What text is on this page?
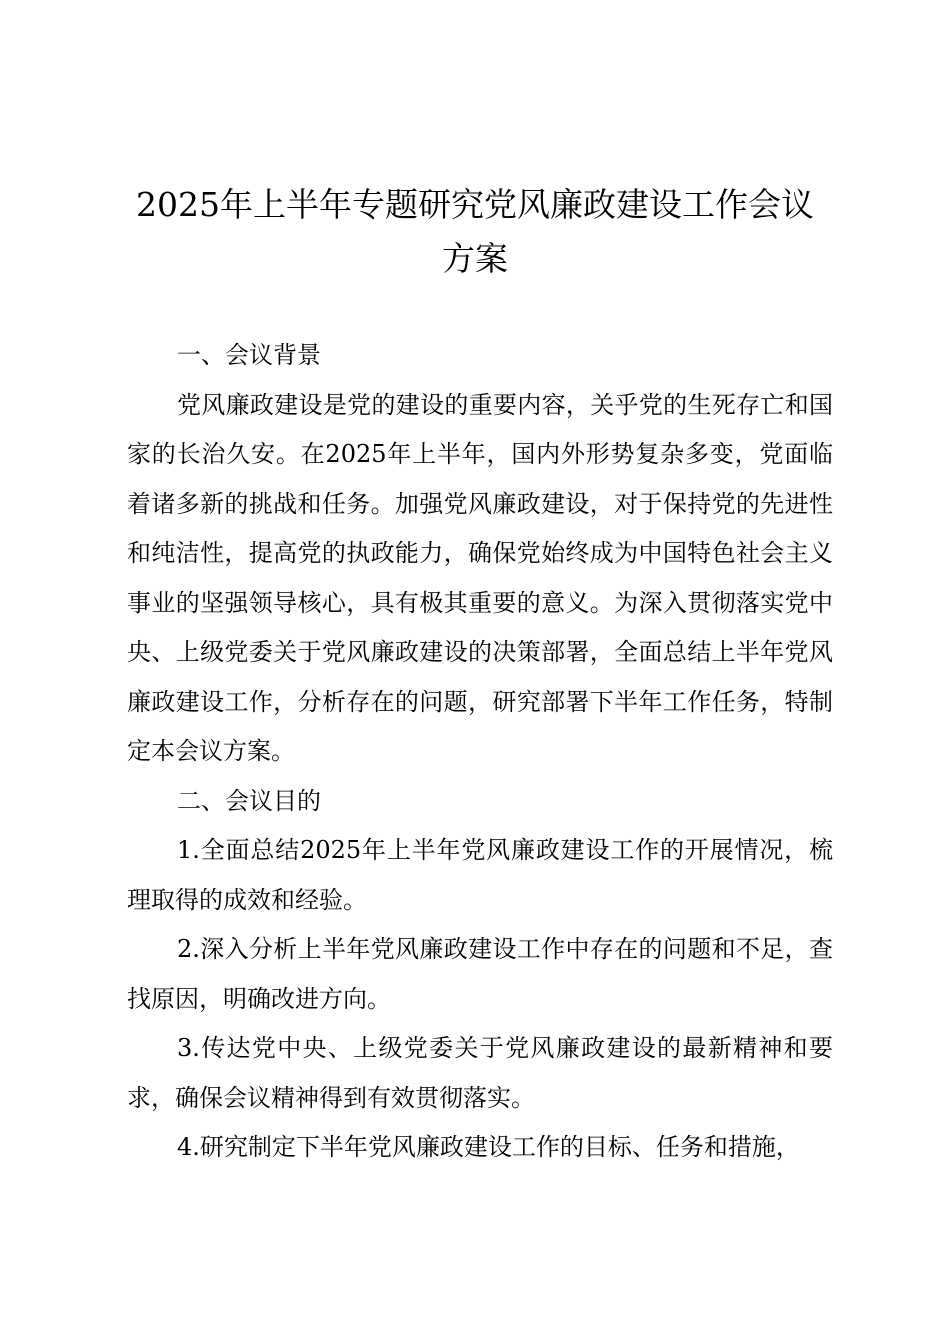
2025年上半年专题研究党风廉政建设工作会议方案

一、会议背景

党风廉政建设是党的建设的重要内容，关乎党的生死存亡和国家的长治久安。在2025年上半年，国内外形势复杂多变，党面临着诸多新的挑战和任务。加强党风廉政建设，对于保持党的先进性和纯洁性，提高党的执政能力，确保党始终成为中国特色社会主义事业的坚强领导核心，具有极其重要的意义。为深入贯彻落实党中央、上级党委关于党风廉政建设的决策部署，全面总结上半年党风廉政建设工作，分析存在的问题，研究部署下半年工作任务，特制定本会议方案。

二、会议目的

1.全面总结2025年上半年党风廉政建设工作的开展情况，梳理取得的成效和经验。

2.深入分析上半年党风廉政建设工作中存在的问题和不足，查找原因，明确改进方向。

3.传达党中央、上级党委关于党风廉政建设的最新精神和要求，确保会议精神得到有效贯彻落实。

4.研究制定下半年党风廉政建设工作的目标、任务和措施，
